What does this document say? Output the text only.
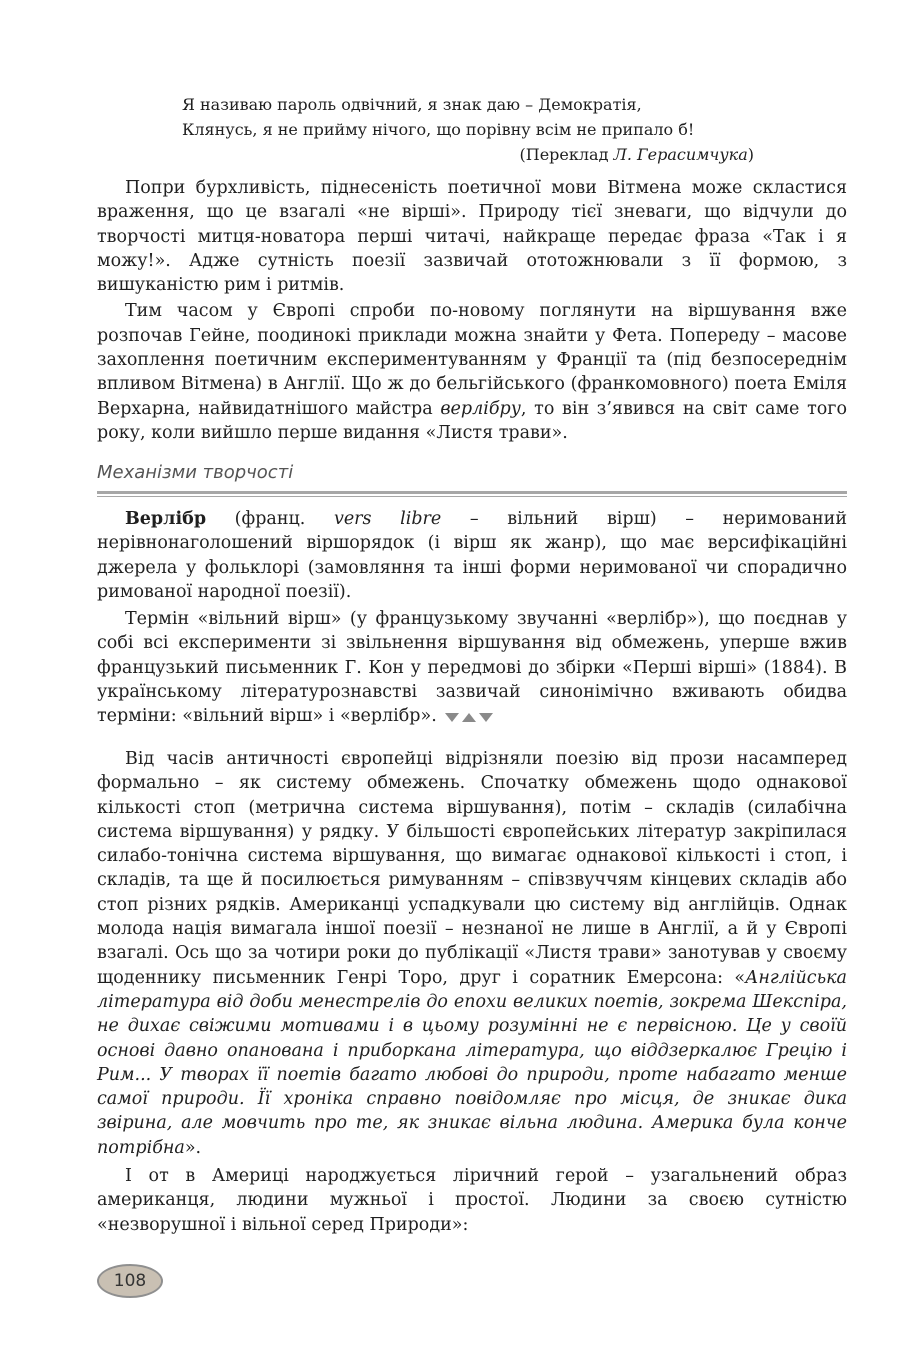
Я називаю пароль одвічний, я знак даю – Демократія,
Клянусь, я не прийму нічого, що порівну всім не припало б!
(Переклад Л. Герасимчука)

Попри бурхливість, піднесеність поетичної мови Вітмена може скластися враження, що це взагалі «не вірші». Природу тієї зневаги, що відчули до творчості митця-новатора перші читачі, найкраще передає фраза «Так і я можу!». Адже сутність поезії зазвичай ототожнювали з її формою, з вишуканістю рим і ритмів.

Тим часом у Європі спроби по-новому поглянути на віршування вже розпочав Гейне, поодинокі приклади можна знайти у Фета. Попереду – масове захоплення поетичним експериментуванням у Франції та (під безпосереднім впливом Вітмена) в Англії. Що ж до бельгійського (франкомовного) поета Еміля Верхарна, найвидатнішого майстра верлібру, то він з’явився на світ саме того року, коли вийшло перше видання «Листя трави».

Механізми творчості

Верлібр (франц. vers libre – вільний вірш) – неримований нерівнонаголошений віршорядок (і вірш як жанр), що має версифікаційні джерела у фольклорі (замовляння та інші форми неримованої чи спорадично римованої народної поезії).

Термін «вільний вірш» (у французькому звучанні «верлібр»), що поєднав у собі всі експерименти зі звільнення віршування від обмежень, уперше вжив французький письменник Г. Кон у передмові до збірки «Перші вірші» (1884). В українському літературознавстві зазвичай синонімічно вживають обидва терміни: «вільний вірш» і «верлібр».

Від часів античності європейці відрізняли поезію від прози насамперед формально – як систему обмежень. Спочатку обмежень щодо однакової кількості стоп (метрична система віршування), потім – складів (силабічна система віршування) у рядку. У більшості європейських літератур закріпилася силабо-тонічна система віршування, що вимагає однакової кількості і стоп, і складів, та ще й посилюється римуванням – співзвуччям кінцевих складів або стоп різних рядків. Американці успадкували цю систему від англійців. Однак молода нація вимагала іншої поезії – незнаної не лише в Англії, а й у Європі взагалі. Ось що за чотири роки до публікації «Листя трави» занотував у своєму щоденнику письменник Генрі Торо, друг і соратник Емерсона: «Англійська література від доби менестрелів до епохи великих поетів, зокрема Шекспіра, не дихає свіжими мотивами і в цьому розумінні не є первісною. Це у своїй основі давно опанована і приборкана література, що віддзеркалює Грецію і Рим... У творах її поетів багато любові до природи, проте набагато менше самої природи. Її хроніка справно повідомляє про місця, де зникає дика звірина, але мовчить про те, як зникає вільна людина. Америка була конче потрібна».

І от в Америці народжується ліричний герой – узагальнений образ американця, людини мужньої і простої. Людини за своєю сутністю «незворушної і вільної серед Природи»:

108
